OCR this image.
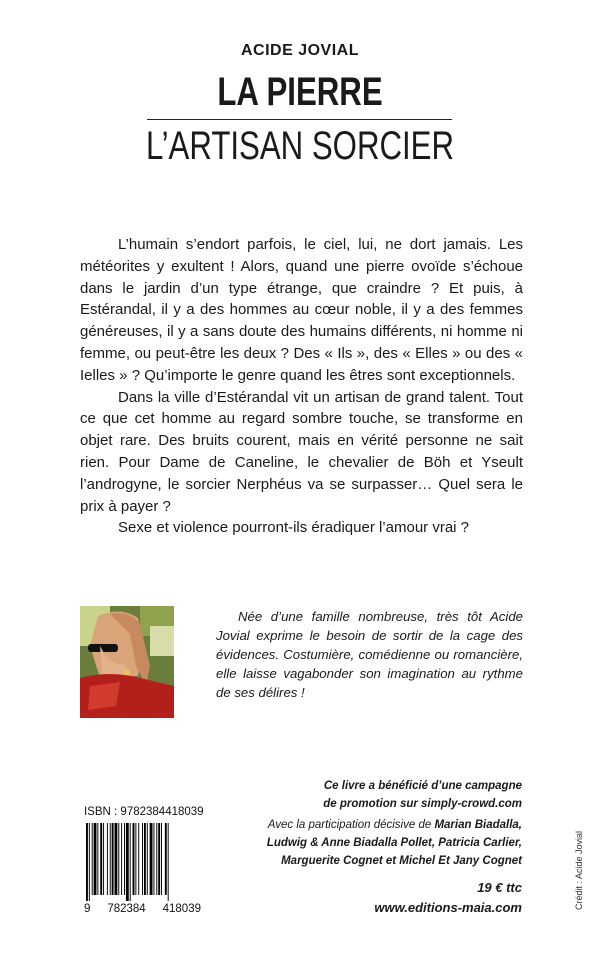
ACIDE JOVIAL
LA PIERRE
L’ARTISAN SORCIER

L’humain s’endort parfois, le ciel, lui, ne dort jamais. Les météorites y exultent ! Alors, quand une pierre ovoïde s’échoue dans le jardin d’un type étrange, que craindre ? Et puis, à Estérandal, il y a des hommes au cœur noble, il y a des femmes généreuses, il y a sans doute des humains différents, ni homme ni femme, ou peut-être les deux ? Des « Ils », des « Elles » ou des « Ielles » ? Qu’importe le genre quand les êtres sont exceptionnels.

Dans la ville d’Estérandal vit un artisan de grand talent. Tout ce que cet homme au regard sombre touche, se transforme en objet rare. Des bruits courent, mais en vérité personne ne sait rien. Pour Dame de Caneline, le chevalier de Böh et Yseult l’androgyne, le sorcier Nerphéus va se surpasser… Quel sera le prix à payer ?

Sexe et violence pourront-ils éradiquer l’amour vrai ?

Née d’une famille nombreuse, très tôt Acide Jovial exprime le besoin de sortir de la cage des évidences. Costumière, comédienne ou romancière, elle laisse vagabonder son imagination au rythme de ses délires !

ISBN : 9782384418039
9 782384 418039
Ce livre a bénéficié d’une campagne
de promotion sur simply-crowd.com
Avec la participation décisive de Marian Biadalla,
Ludwig & Anne Biadalla Pollet, Patricia Carlier,
Marguerite Cognet et Michel Et Jany Cognet
19 € ttc
www.editions-maia.com	Crédit : Acide Jovial
